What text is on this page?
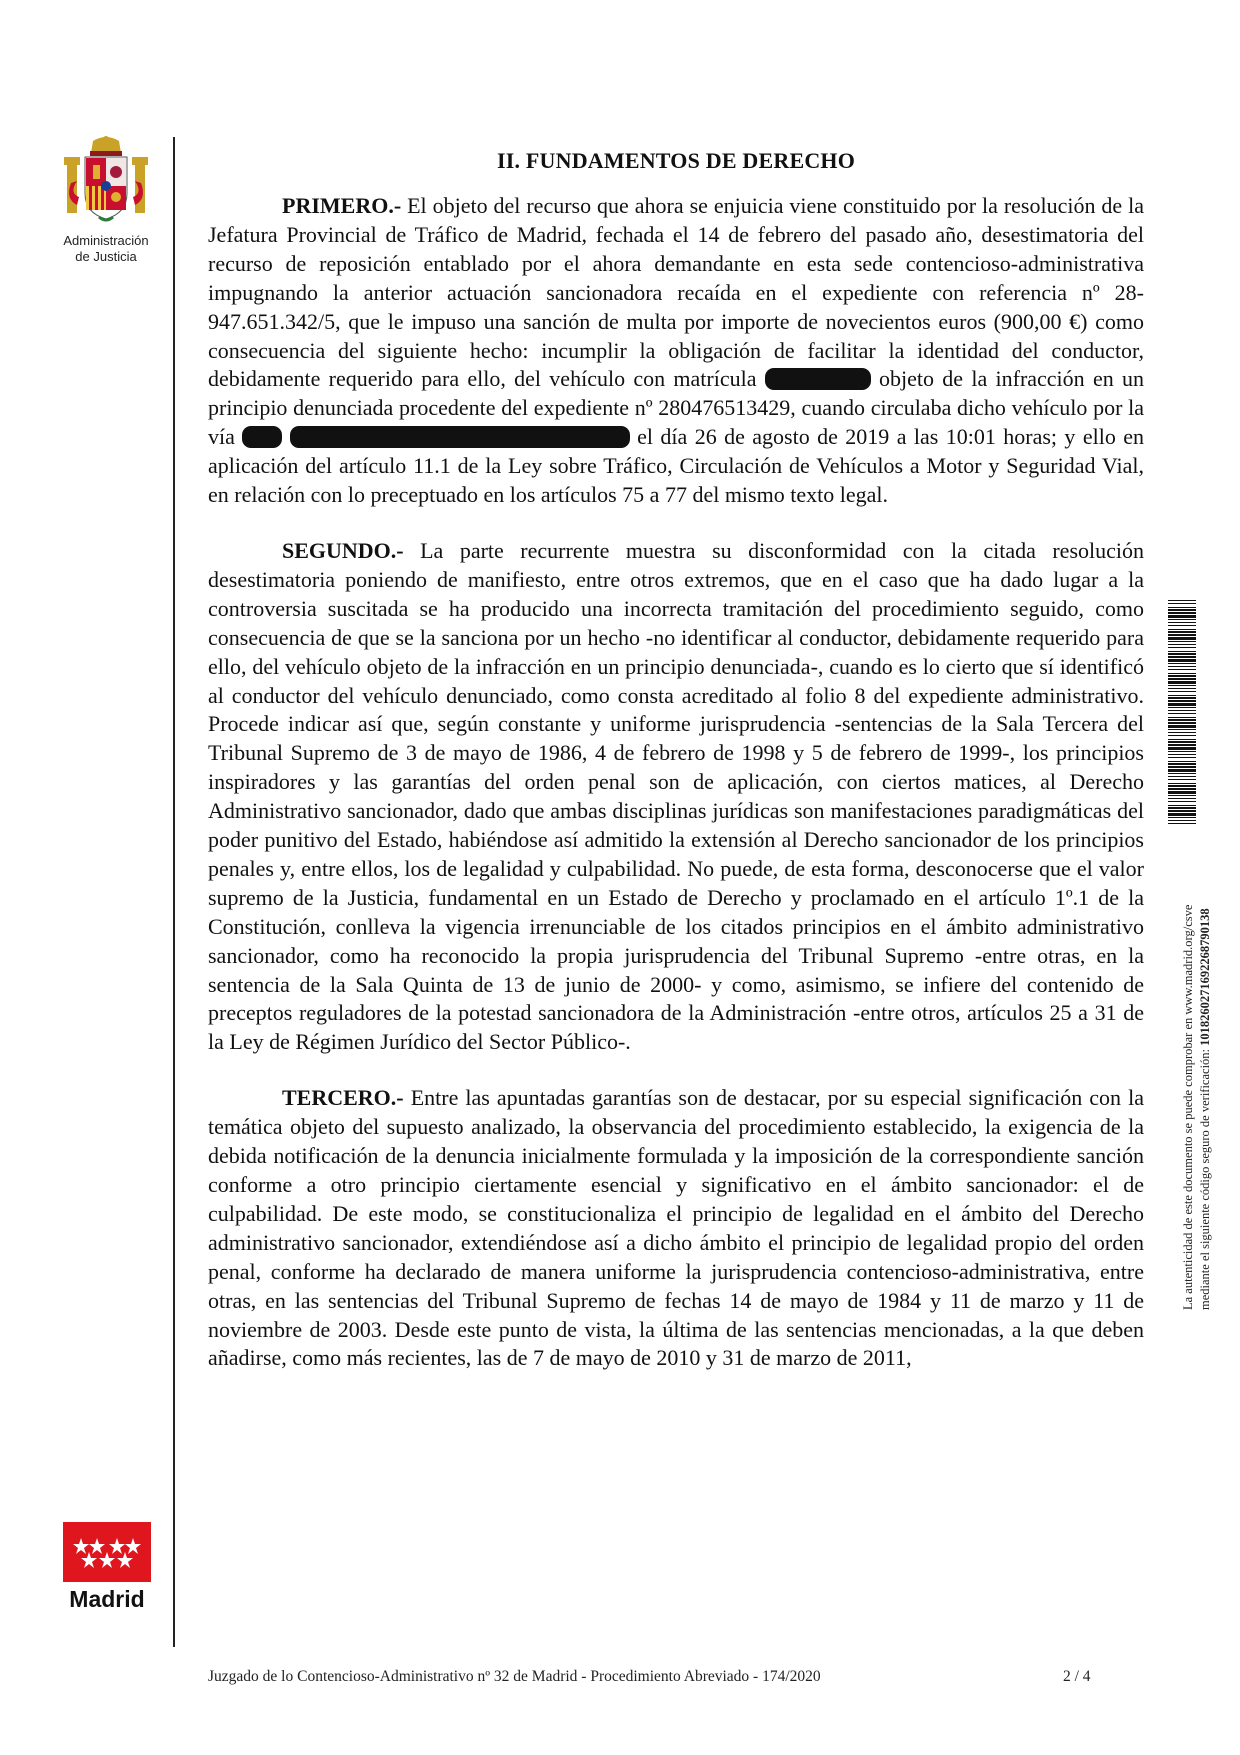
Administración
de Justicia
Madrid
II. FUNDAMENTOS DE DERECHO

PRIMERO.- El objeto del recurso que ahora se enjuicia viene constituido por la resolución de la Jefatura Provincial de Tráfico de Madrid, fechada el 14 de febrero del pasado año, desestimatoria del recurso de reposición entablado por el ahora demandante en esta sede contencioso-administrativa impugnando la anterior actuación sancionadora recaída en el expediente con referencia nº 28-947.651.342/5, que le impuso una sanción de multa por importe de novecientos euros (900,00 €) como consecuencia del siguiente hecho: incumplir la obligación de facilitar la identidad del conductor, debidamente requerido para ello, del vehículo con matrícula	objeto de la infracción en un principio denunciada procedente del expediente nº 280476513429, cuando circulaba dicho vehículo por la vía	el día 26 de agosto de 2019 a las 10:01 horas; y ello en aplicación del artículo 11.1 de la Ley sobre Tráfico, Circulación de Vehículos a Motor y Seguridad Vial, en relación con lo preceptuado en los artículos 75 a 77 del mismo texto legal.

SEGUNDO.- La parte recurrente muestra su disconformidad con la citada resolución desestimatoria poniendo de manifiesto, entre otros extremos, que en el caso que ha dado lugar a la controversia suscitada se ha producido una incorrecta tramitación del procedimiento seguido, como consecuencia de que se la sanciona por un hecho -no identificar al conductor, debidamente requerido para ello, del vehículo objeto de la infracción en un principio denunciada-, cuando es lo cierto que sí identificó al conductor del vehículo denunciado, como consta acreditado al folio 8 del expediente administrativo. Procede indicar así que, según constante y uniforme jurisprudencia -sentencias de la Sala Tercera del Tribunal Supremo de 3 de mayo de 1986, 4 de febrero de 1998 y 5 de febrero de 1999-, los principios inspiradores y las garantías del orden penal son de aplicación, con ciertos matices, al Derecho Administrativo sancionador, dado que ambas disciplinas jurídicas son manifestaciones paradigmáticas del poder punitivo del Estado, habiéndose así admitido la extensión al Derecho sancionador de los principios penales y, entre ellos, los de legalidad y culpabilidad. No puede, de esta forma, desconocerse que el valor supremo de la Justicia, fundamental en un Estado de Derecho y proclamado en el artículo 1º.1 de la Constitución, conlleva la vigencia irrenunciable de los citados principios en el ámbito administrativo sancionador, como ha reconocido la propia jurisprudencia del Tribunal Supremo -entre otras, en la sentencia de la Sala Quinta de 13 de junio de 2000- y como, asimismo, se infiere del contenido de preceptos reguladores de la potestad sancionadora de la Administración -entre otros, artículos 25 a 31 de la Ley de Régimen Jurídico del Sector Público-.

TERCERO.- Entre las apuntadas garantías son de destacar, por su especial significación con la temática objeto del supuesto analizado, la observancia del procedimiento establecido, la exigencia de la debida notificación de la denuncia inicialmente formulada y la imposición de la correspondiente sanción conforme a otro principio ciertamente esencial y significativo en el ámbito sancionador: el de culpabilidad. De este modo, se constitucionaliza el principio de legalidad en el ámbito del Derecho administrativo sancionador, extendiéndose así a dicho ámbito el principio de legalidad propio del orden penal, conforme ha declarado de manera uniforme la jurisprudencia contencioso-administrativa, entre otras, en las sentencias del Tribunal Supremo de fechas 14 de mayo de 1984 y 11 de marzo y 11 de noviembre de 2003. Desde este punto de vista, la última de las sentencias mencionadas, a la que deben añadirse, como más recientes, las de 7 de mayo de 2010 y 31 de marzo de 2011,

La autenticidad de este documento se puede comprobar en www.madrid.org/csve mediante el siguiente código seguro de verificación: 1018260271692268790138
Juzgado de lo Contencioso-Administrativo nº 32 de Madrid - Procedimiento Abreviado - 174/2020	2 / 4
